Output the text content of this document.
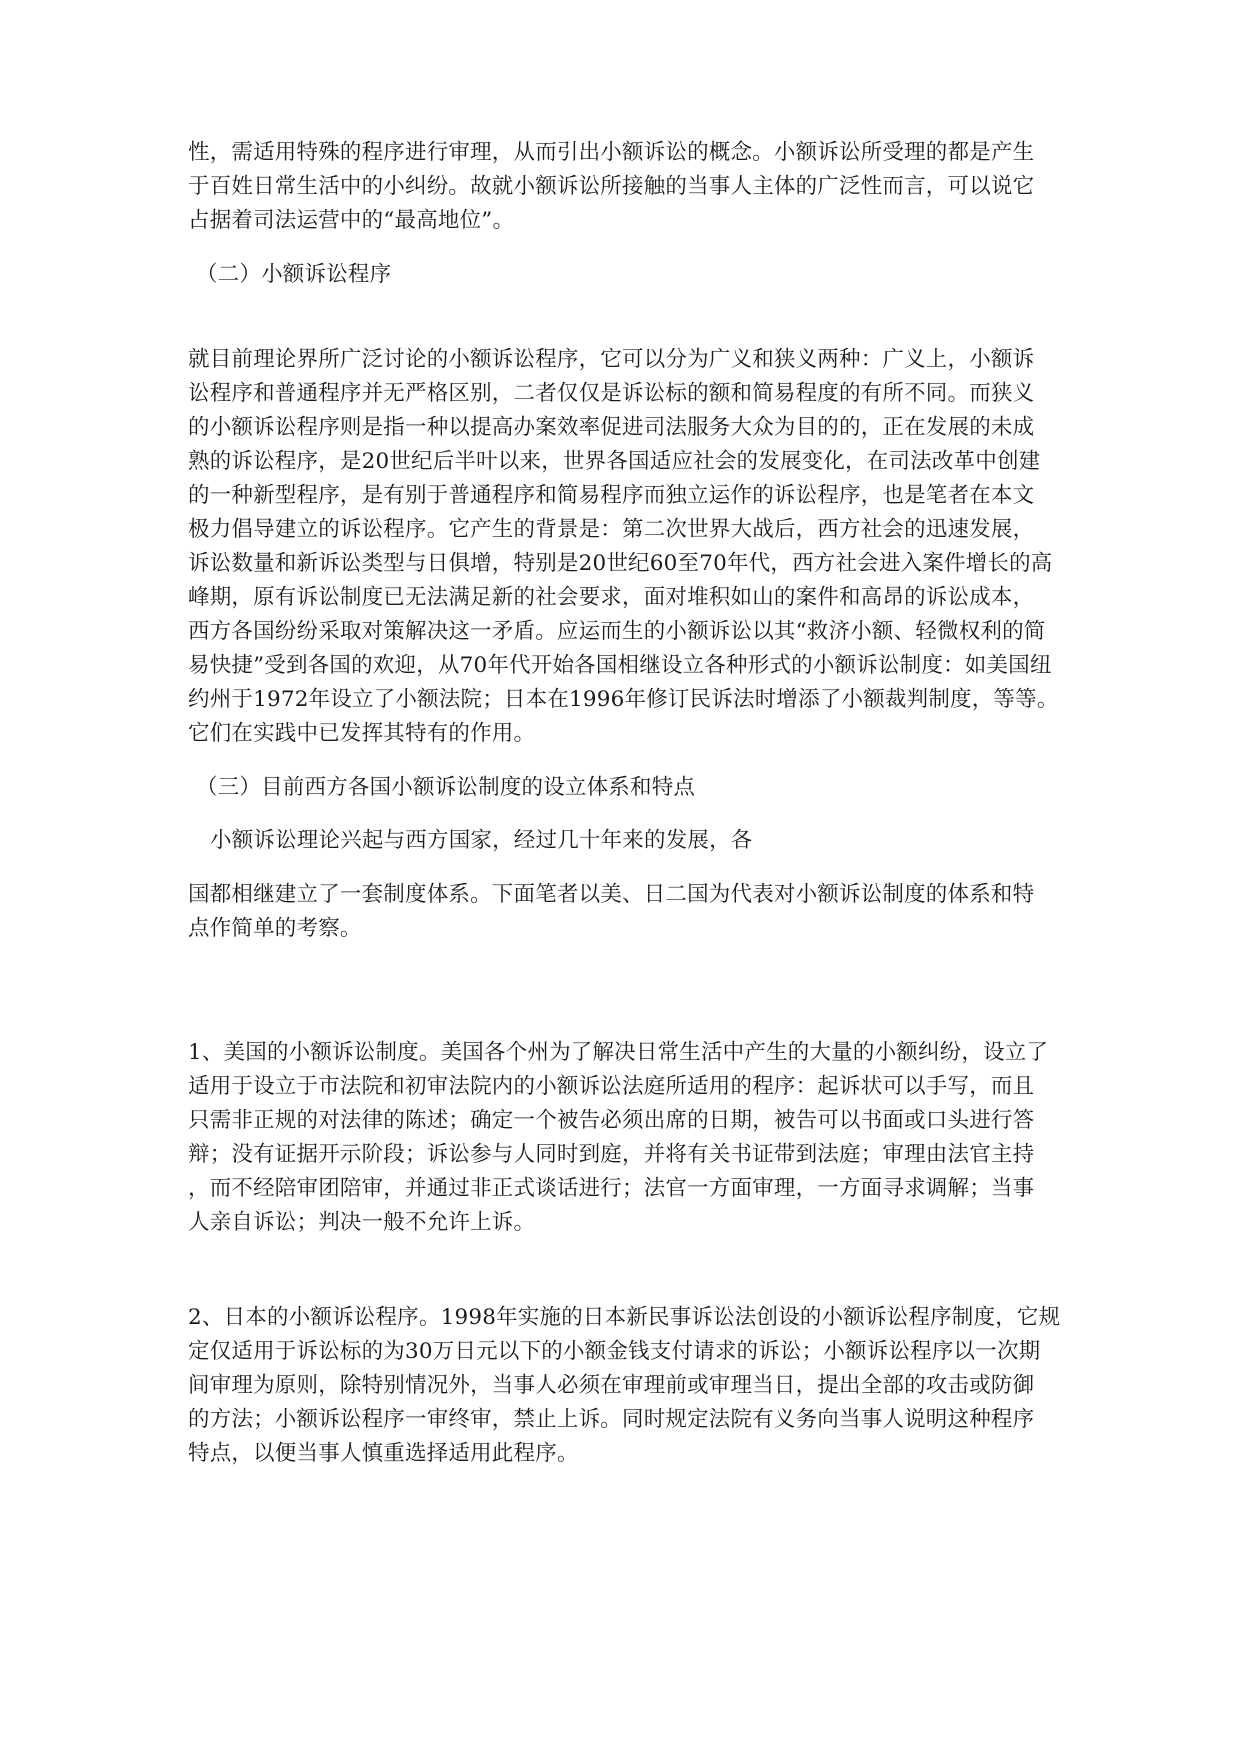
性，需适用特殊的程序进行审理，从而引出小额诉讼的概念。小额诉讼所受理的都是产生
于百姓日常生活中的小纠纷。故就小额诉讼所接触的当事人主体的广泛性而言，可以说它
占据着司法运营中的“最高地位”。
（二）小额诉讼程序
就目前理论界所广泛讨论的小额诉讼程序，它可以分为广义和狭义两种：广义上，小额诉
讼程序和普通程序并无严格区别，二者仅仅是诉讼标的额和简易程度的有所不同。而狭义
的小额诉讼程序则是指一种以提高办案效率促进司法服务大众为目的的，正在发展的未成
熟的诉讼程序，是20世纪后半叶以来，世界各国适应社会的发展变化，在司法改革中创建
的一种新型程序，是有别于普通程序和简易程序而独立运作的诉讼程序，也是笔者在本文
极力倡导建立的诉讼程序。它产生的背景是：第二次世界大战后，西方社会的迅速发展，
诉讼数量和新诉讼类型与日俱增，特别是20世纪60至70年代，西方社会进入案件增长的高
峰期，原有诉讼制度已无法满足新的社会要求，面对堆积如山的案件和高昂的诉讼成本，
西方各国纷纷采取对策解决这一矛盾。应运而生的小额诉讼以其“救济小额、轻微权利的简
易快捷”受到各国的欢迎，从70年代开始各国相继设立各种形式的小额诉讼制度：如美国纽
约州于1972年设立了小额法院；日本在1996年修订民诉法时增添了小额裁判制度，等等。
它们在实践中已发挥其特有的作用。
（三）目前西方各国小额诉讼制度的设立体系和特点
小额诉讼理论兴起与西方国家，经过几十年来的发展，各
国都相继建立了一套制度体系。下面笔者以美、日二国为代表对小额诉讼制度的体系和特
点作简单的考察。
1、美国的小额诉讼制度。美国各个州为了解决日常生活中产生的大量的小额纠纷，设立了
适用于设立于市法院和初审法院内的小额诉讼法庭所适用的程序：起诉状可以手写，而且
只需非正规的对法律的陈述；确定一个被告必须出席的日期，被告可以书面或口头进行答
辩；没有证据开示阶段；诉讼参与人同时到庭，并将有关书证带到法庭；审理由法官主持
，而不经陪审团陪审，并通过非正式谈话进行；法官一方面审理，一方面寻求调解；当事
人亲自诉讼；判决一般不允许上诉。
2、日本的小额诉讼程序。1998年实施的日本新民事诉讼法创设的小额诉讼程序制度，它规
定仅适用于诉讼标的为30万日元以下的小额金钱支付请求的诉讼；小额诉讼程序以一次期
间审理为原则，除特别情况外，当事人必须在审理前或审理当日，提出全部的攻击或防御
的方法；小额诉讼程序一审终审，禁止上诉。同时规定法院有义务向当事人说明这种程序
特点，以便当事人慎重选择适用此程序。
